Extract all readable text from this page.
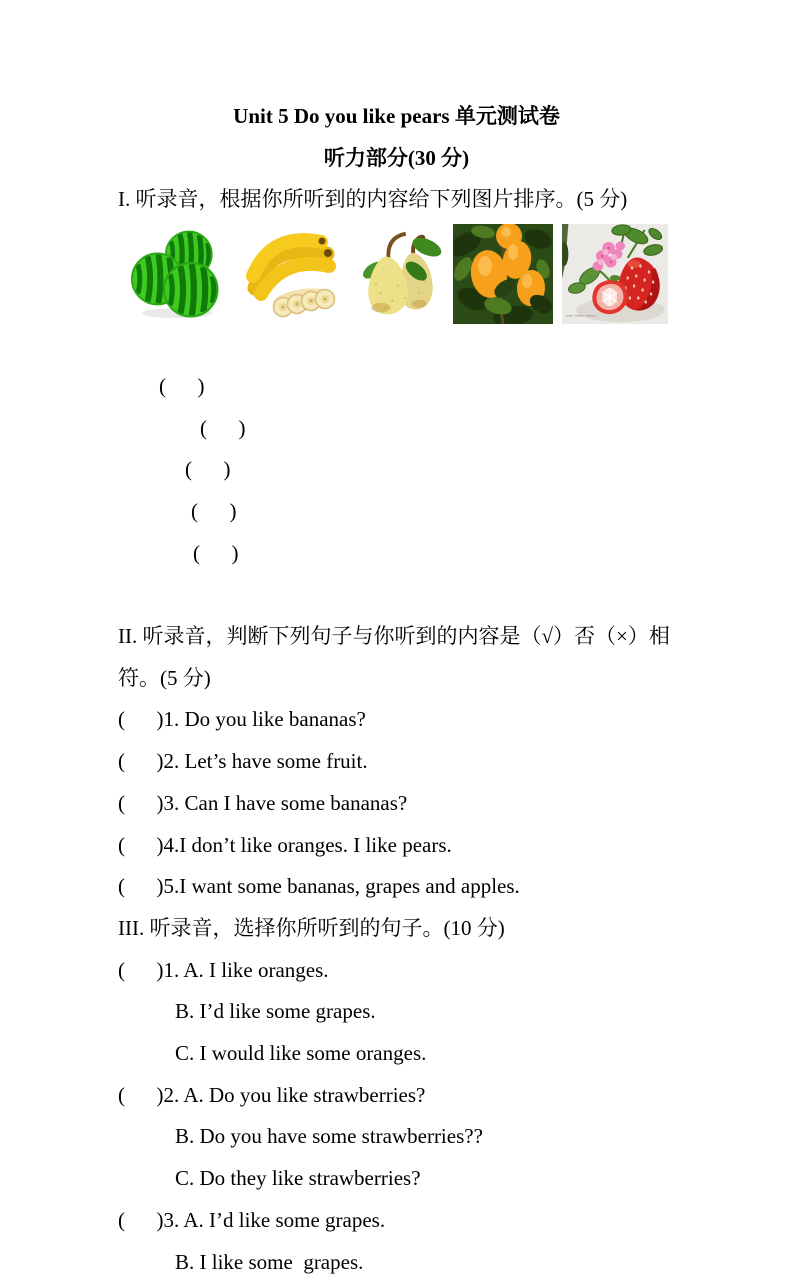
Unit 5 Do you like pears 单元测试卷
听力部分(30 分)
I. 听录音，根据你所听到的内容给下列图片排序。(5 分)

(      )
(      )
(      )
(      )
(      )

II. 听录音，判断下列句子与你听到的内容是（√）否（×）相
符。(5 分)
(      )1. Do you like bananas?
(      )2. Let’s have some fruit.
(      )3. Can I have some bananas?
(      )4.I don’t like oranges. I like pears.
(      )5.I want some bananas, grapes and apples.
III. 听录音，选择你所听到的句子。(10 分)
(      )1. A. I like oranges.
B. I’d like some grapes.
C. I would like some oranges.
(      )2. A. Do you like strawberries?
B. Do you have some strawberries??
C. Do they like strawberries?
(      )3. A. I’d like some grapes.
B. I like some  grapes.
